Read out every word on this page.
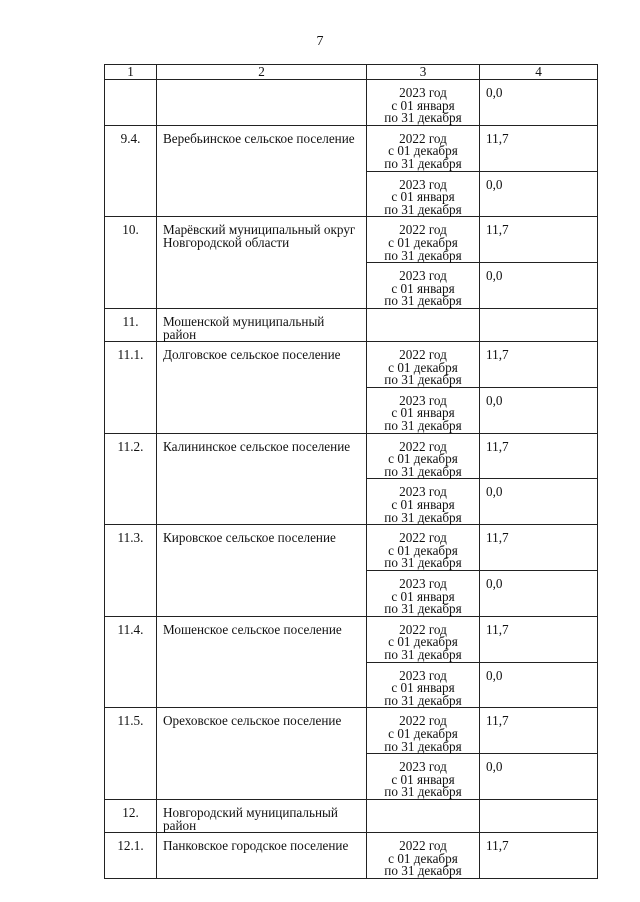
7
1	2	3	4

		2023 год
с 01 января
по 31 декабря	0,0
9.4.	Веребьинское сельское поселение	2022 год
с 01 декабря
по 31 декабря	11,7

		2023 год
с 01 января
по 31 декабря	0,0
10.	Марёвский муниципальный округ Новгородской области	2022 год
с 01 декабря
по 31 декабря	11,7

		2023 год
с 01 января
по 31 декабря	0,0
11.	Мошенской муниципальный район		
11.1.	Долговское сельское поселение	2022 год
с 01 декабря
по 31 декабря	11,7

		2023 год
с 01 января
по 31 декабря	0,0
11.2.	Калининское сельское поселение	2022 год
с 01 декабря
по 31 декабря	11,7

		2023 год
с 01 января
по 31 декабря	0,0
11.3.	Кировское сельское поселение	2022 год
с 01 декабря
по 31 декабря	11,7

		2023 год
с 01 января
по 31 декабря	0,0
11.4.	Мошенское сельское поселение	2022 год
с 01 декабря
по 31 декабря	11,7

		2023 год
с 01 января
по 31 декабря	0,0
11.5.	Ореховское сельское поселение	2022 год
с 01 декабря
по 31 декабря	11,7

		2023 год
с 01 января
по 31 декабря	0,0
12.	Новгородский муниципальный район		
12.1.	Панковское городское поселение	2022 год
с 01 декабря
по 31 декабря	11,7
